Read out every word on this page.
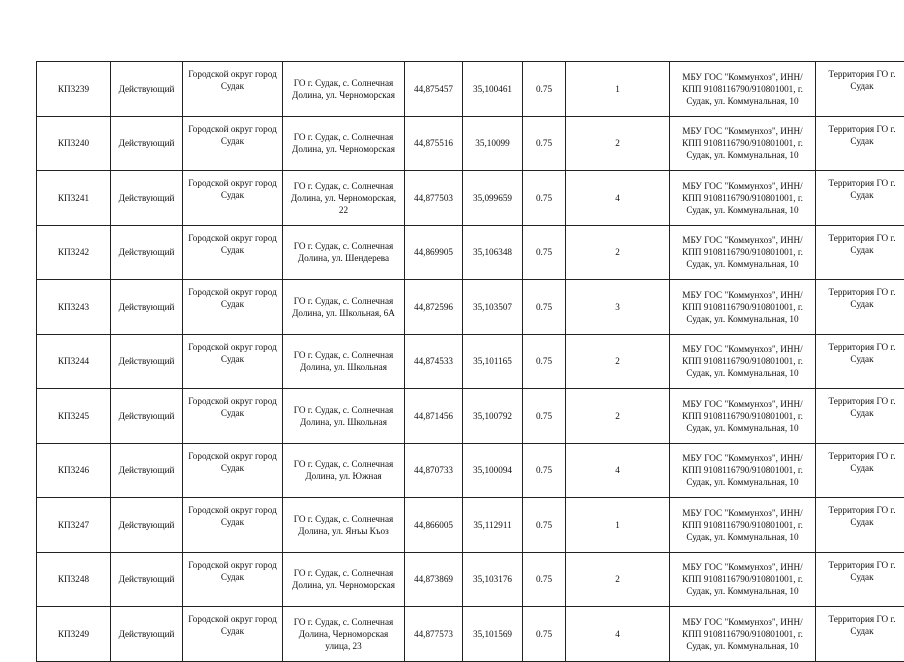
КП3239	Действующий	Городской округ город Судак	ГО г. Судак, с. Солнечная Долина, ул. Черноморская	44,875457	35,100461	0.75	1	МБУ ГОС "Коммунхоз", ИНН/КПП 9108116790/910801001, г. Судак, ул. Коммунальная, 10	Территория ГО г. Судак
КП3240	Действующий	Городской округ город Судак	ГО г. Судак, с. Солнечная Долина, ул. Черноморская	44,875516	35,10099	0.75	2	МБУ ГОС "Коммунхоз", ИНН/КПП 9108116790/910801001, г. Судак, ул. Коммунальная, 10	Территория ГО г. Судак
КП3241	Действующий	Городской округ город Судак	ГО г. Судак, с. Солнечная Долина, ул. Черноморская, 22	44,877503	35,099659	0.75	4	МБУ ГОС "Коммунхоз", ИНН/КПП 9108116790/910801001, г. Судак, ул. Коммунальная, 10	Территория ГО г. Судак
КП3242	Действующий	Городской округ город Судак	ГО г. Судак, с. Солнечная Долина, ул. Шендерева	44,869905	35,106348	0.75	2	МБУ ГОС "Коммунхоз", ИНН/КПП 9108116790/910801001, г. Судак, ул. Коммунальная, 10	Территория ГО г. Судак
КП3243	Действующий	Городской округ город Судак	ГО г. Судак, с. Солнечная Долина, ул. Школьная, 6А	44,872596	35,103507	0.75	3	МБУ ГОС "Коммунхоз", ИНН/КПП 9108116790/910801001, г. Судак, ул. Коммунальная, 10	Территория ГО г. Судак
КП3244	Действующий	Городской округ город Судак	ГО г. Судак, с. Солнечная Долина, ул. Школьная	44,874533	35,101165	0.75	2	МБУ ГОС "Коммунхоз", ИНН/КПП 9108116790/910801001, г. Судак, ул. Коммунальная, 10	Территория ГО г. Судак
КП3245	Действующий	Городской округ город Судак	ГО г. Судак, с. Солнечная Долина, ул. Школьная	44,871456	35,100792	0.75	2	МБУ ГОС "Коммунхоз", ИНН/КПП 9108116790/910801001, г. Судак, ул. Коммунальная, 10	Территория ГО г. Судак
КП3246	Действующий	Городской округ город Судак	ГО г. Судак, с. Солнечная Долина, ул. Южная	44,870733	35,100094	0.75	4	МБУ ГОС "Коммунхоз", ИНН/КПП 9108116790/910801001, г. Судак, ул. Коммунальная, 10	Территория ГО г. Судак
КП3247	Действующий	Городской округ город Судак	ГО г. Судак, с. Солнечная Долина, ул. Янъы Къоз	44,866005	35,112911	0.75	1	МБУ ГОС "Коммунхоз", ИНН/КПП 9108116790/910801001, г. Судак, ул. Коммунальная, 10	Территория ГО г. Судак
КП3248	Действующий	Городской округ город Судак	ГО г. Судак, с. Солнечная Долина, ул. Черноморская	44,873869	35,103176	0.75	2	МБУ ГОС "Коммунхоз", ИНН/КПП 9108116790/910801001, г. Судак, ул. Коммунальная, 10	Территория ГО г. Судак
КП3249	Действующий	Городской округ город Судак	ГО г. Судак, с. Солнечная Долина, Черноморская улица, 23	44,877573	35,101569	0.75	4	МБУ ГОС "Коммунхоз", ИНН/КПП 9108116790/910801001, г. Судак, ул. Коммунальная, 10	Территория ГО г. Судак
